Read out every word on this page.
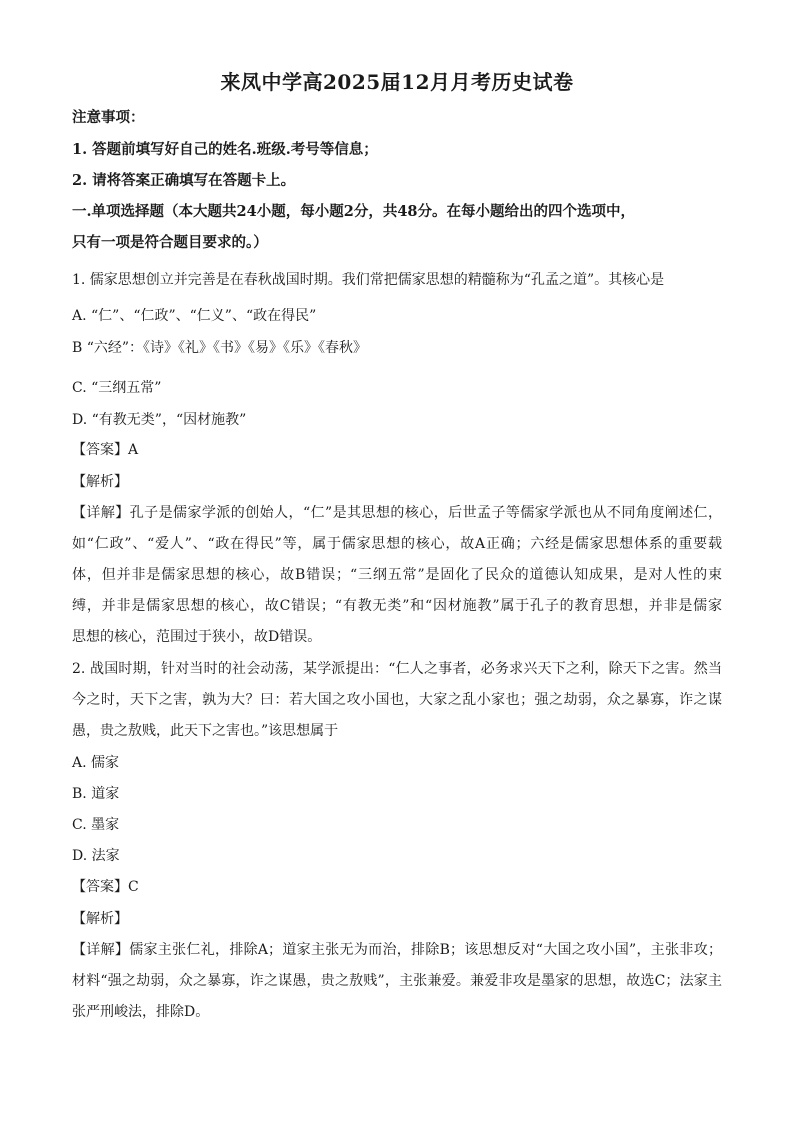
来凤中学高2025届12月月考历史试卷
注意事项：
1. 答题前填写好自己的姓名.班级.考号等信息；
2. 请将答案正确填写在答题卡上。
一.单项选择题（本大题共24小题，每小题2分，共48分。在每小题给出的四个选项中，
只有一项是符合题目要求的。）
1. 儒家思想创立并完善是在春秋战国时期。我们常把儒家思想的精髓称为“孔孟之道”。其核心是
A. “仁”、“仁政”、“仁义”、“政在得民”
B “六经”：《诗》《礼》《书》《易》《乐》《春秋》
C. “三纲五常”
D. “有教无类”，“因材施教”
【答案】A
【解析】
【详解】孔子是儒家学派的创始人，“仁”是其思想的核心，后世孟子等儒家学派也从不同角度阐述仁，
如“仁政”、“爱人”、“政在得民”等，属于儒家思想的核心，故A正确；六经是儒家思想体系的重要载
体，但并非是儒家思想的核心，故B错误；“三纲五常”是固化了民众的道德认知成果，是对人性的束
缚，并非是儒家思想的核心，故C错误；“有教无类”和“因材施教”属于孔子的教育思想，并非是儒家
思想的核心，范围过于狭小，故D错误。
2. 战国时期，针对当时的社会动荡，某学派提出：“仁人之事者，必务求兴天下之利，除天下之害。然当
今之时，天下之害，孰为大？曰：若大国之攻小国也，大家之乱小家也；强之劫弱，众之暴寡，诈之谋
愚，贵之敖贱，此天下之害也。”该思想属于
A. 儒家
B. 道家
C. 墨家
D. 法家
【答案】C
【解析】
【详解】儒家主张仁礼，排除A；道家主张无为而治，排除B；该思想反对“大国之攻小国”，主张非攻；
材料“强之劫弱，众之暴寡，诈之谋愚，贵之敖贱”，主张兼爱。兼爱非攻是墨家的思想，故选C；法家主
张严刑峻法，排除D。
